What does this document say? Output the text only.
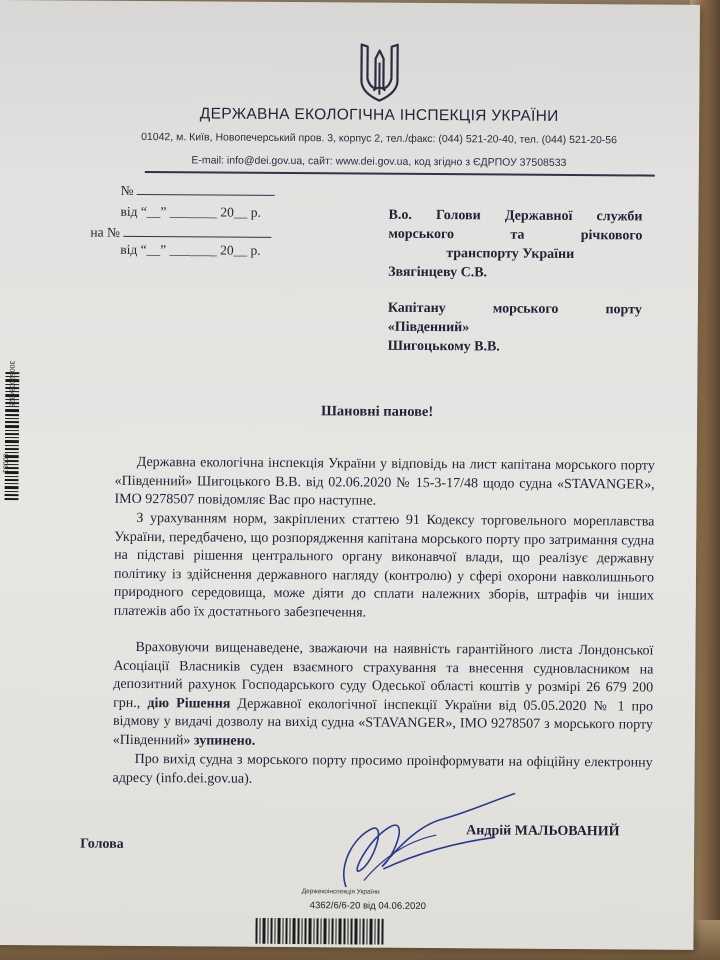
ДЕРЖАВНА ЕКОЛОГІЧНА ІНСПЕКЦІЯ УКРАЇНИ
01042, м. Київ, Новопечерський пров. 3, корпус 2, тел./факс: (044) 521-20-40, тел. (044) 521-20-56
E-mail: info@dei.gov.ua, сайт: www.dei.gov.ua, код згідно з ЄДРПОУ 37508533
№
від “__” _______ 20__ р.
на №
від “__” _______ 20__ р.
В.о. Голови Державної служби
морського та річкового
транспорту України
Звягінцеву С.В.
Капітану морського порту
«Південний»
Шигоцькому В.В.
Шановні панове!

Державна екологічна інспекція України у відповідь на лист капітана морського порту «Південний» Шигоцького В.В. від 02.06.2020 № 15-3-17/48 щодо судна «STAVANGER», IMO 9278507 повідомляє Вас про наступне.

З урахуванням норм, закріплених статтею 91 Кодексу торговельного мореплавства України, передбачено, що розпорядження капітана морського порту про затримання судна на підставі рішення центрального органу виконавчої влади, що реалізує державну політику із здійснення державного нагляду (контролю) у сфері охорони навколишнього природного середовища, може діяти до сплати належних зборів, штрафів чи інших платежів або їх достатнього забезпечення.

Враховуючи вищенаведене, зважаючи на наявність гарантійного листа Лондонської Асоціації Власників суден взаємного страхування та внесення судновласником на депозитний рахунок Господарського суду Одеської області коштів у розмірі 26 679 200 грн., дію Рішення Державної екологічної інспекції України від 05.05.2020 № 1 про відмову у видачі дозволу на вихід судна «STAVANGER», IMO 9278507 з морського порту «Південний» зупинено.

Про вихід судна з морського порту просимо проінформувати на офіційну електронну адресу (info.dei.gov.ua).

Голова
Андрій МАЛЬОВАНИЙ
Держекоінспекція України
4362/6/6-20 від 04.06.2020
300520084825
00001
